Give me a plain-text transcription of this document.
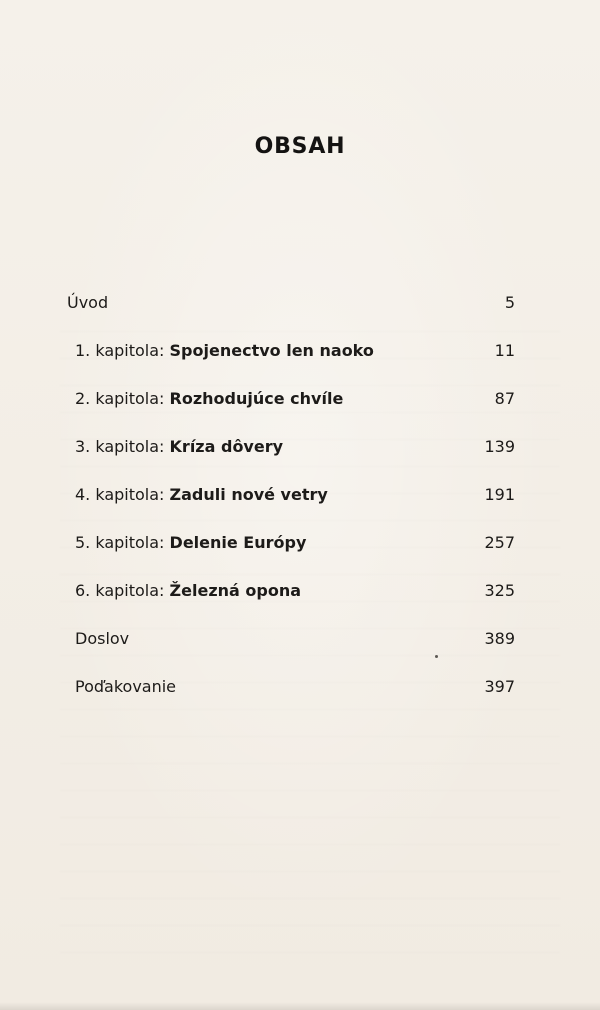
OBSAH
Úvod	5
1. kapitola: Spojenectvo len naoko	11
2. kapitola: Rozhodujúce chvíle	87
3. kapitola: Kríza dôvery	139
4. kapitola: Zaduli nové vetry	191
5. kapitola: Delenie Európy	257
6. kapitola: Železná opona	325
Doslov	389
Poďakovanie	397
